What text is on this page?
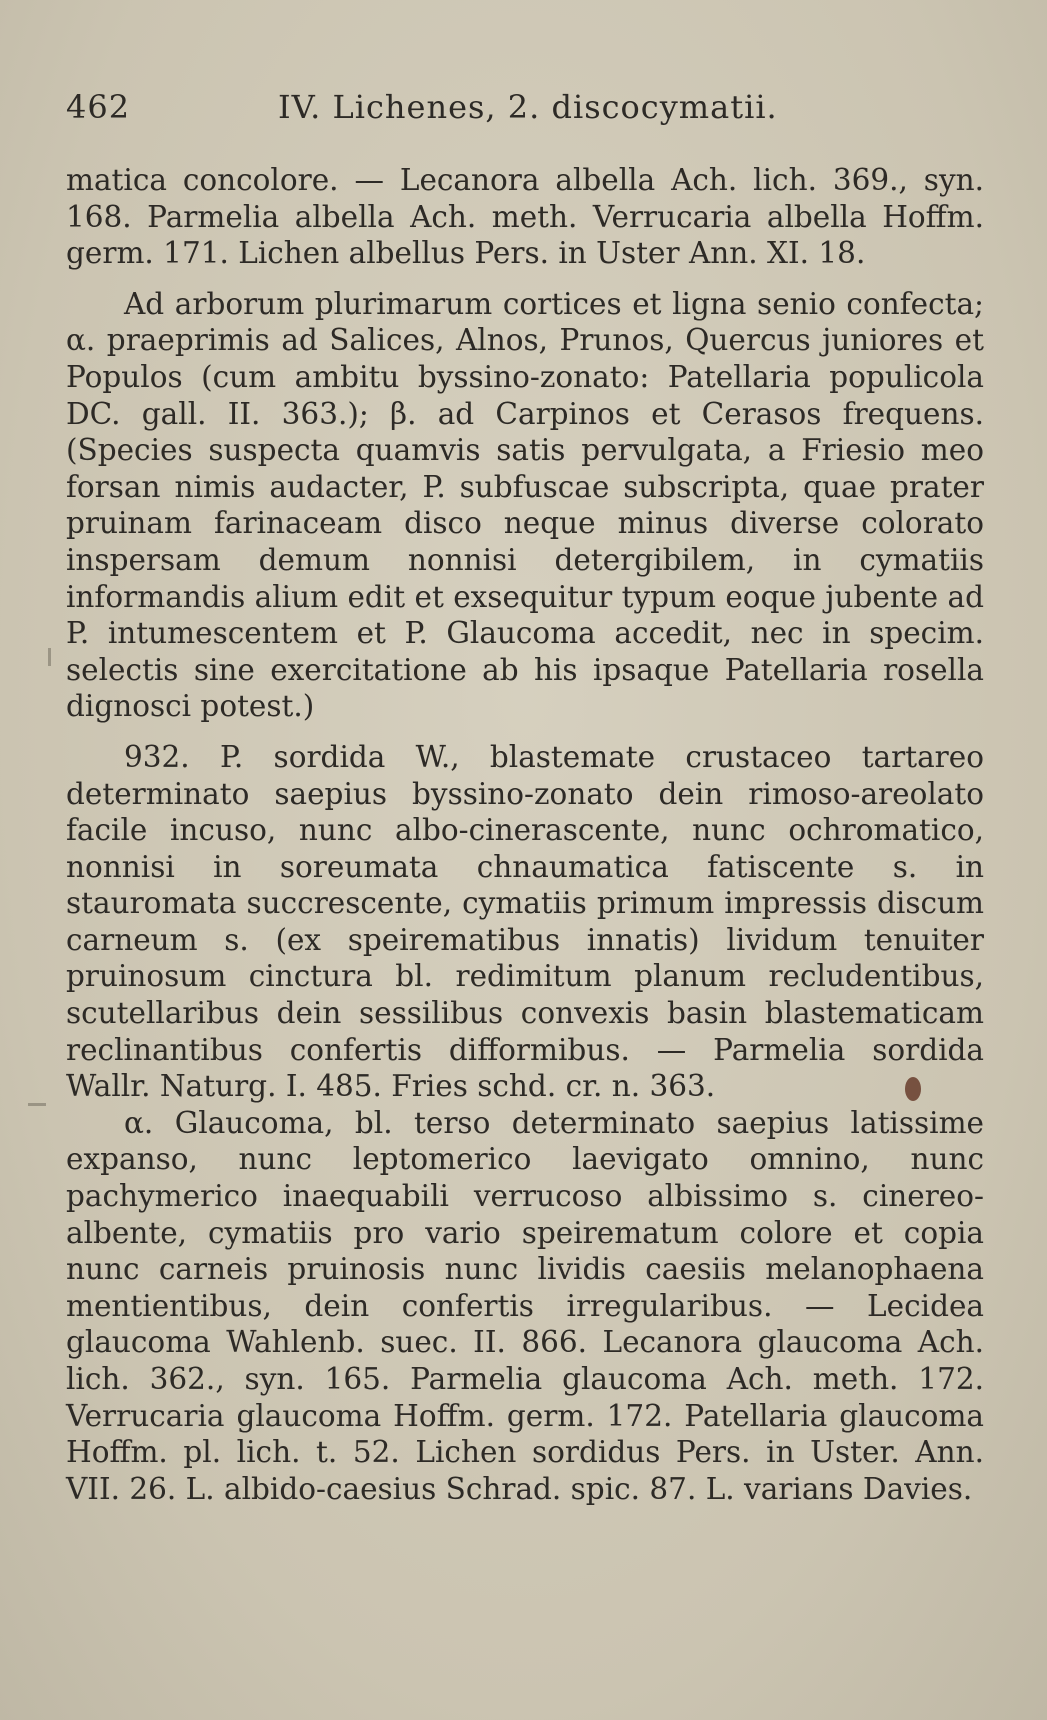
462	IV. Lichenes, 2. discocymatii.

matica concolore. — Lecanora albella Ach. lich. 369., syn. 168. Parmelia albella Ach. meth. Verrucaria albella Hoffm. germ. 171. Lichen albellus Pers. in Uster Ann. XI. 18.

Ad arborum plurimarum cortices et ligna senio confecta; α. praeprimis ad Salices, Alnos, Prunos, Quercus juniores et Populos (cum ambitu byssino-zonato: Patellaria populicola DC. gall. II. 363.); β. ad Carpinos et Cerasos frequens. (Species suspecta quamvis satis pervulgata, a Friesio meo forsan nimis audacter, P. subfuscae subscripta, quae prater pruinam farinaceam disco neque minus diverse colorato inspersam demum nonnisi detergibilem, in cymatiis informandis alium edit et exsequitur typum eoque jubente ad P. intumescentem et P. Glaucoma accedit, nec in specim. selectis sine exercitatione ab his ipsaque Patellaria rosella dignosci potest.)

932. P. sordida W., blastemate crustaceo tartareo determinato saepius byssino-zonato dein rimoso-areolato facile incuso, nunc albo-cinerascente, nunc ochromatico, nonnisi in soreumata chnaumatica fatiscente s. in stauromata succrescente, cymatiis primum impressis discum carneum s. (ex speirematibus innatis) lividum tenuiter pruinosum cinctura bl. redimitum planum recludentibus, scutellaribus dein sessilibus convexis basin blastematicam reclinantibus confertis difformibus. — Parmelia sordida Wallr. Naturg. I. 485. Fries schd. cr. n. 363.

α. Glaucoma, bl. terso determinato saepius latissime expanso, nunc leptomerico laevigato omnino, nunc pachymerico inaequabili verrucoso albissimo s. cinereo-albente, cymatiis pro vario speirematum colore et copia nunc carneis pruinosis nunc lividis caesiis melanophaena mentientibus, dein confertis irregularibus. — Lecidea glaucoma Wahlenb. suec. II. 866. Lecanora glaucoma Ach. lich. 362., syn. 165. Parmelia glaucoma Ach. meth. 172. Verrucaria glaucoma Hoffm. germ. 172. Patellaria glaucoma Hoffm. pl. lich. t. 52. Lichen sordidus Pers. in Uster. Ann. VII. 26. L. albido-caesius Schrad. spic. 87. L. varians Davies.
